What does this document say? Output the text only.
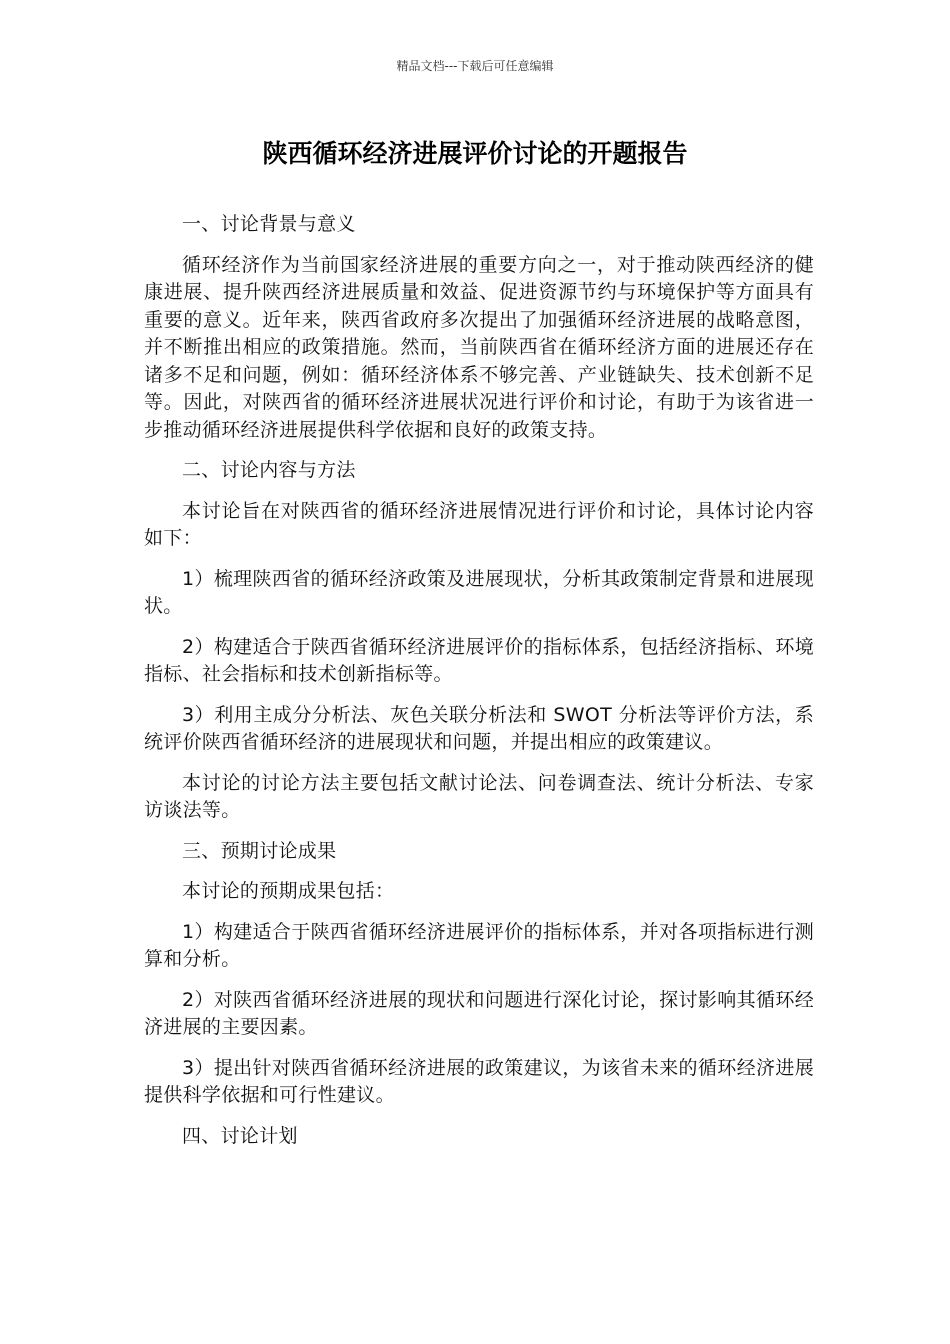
精品文档---下载后可任意编辑
陕西循环经济进展评价讨论的开题报告

一、讨论背景与意义

循环经济作为当前国家经济进展的重要方向之一，对于推动陕西经济的健康进展、提升陕西经济进展质量和效益、促进资源节约与环境保护等方面具有重要的意义。近年来，陕西省政府多次提出了加强循环经济进展的战略意图，并不断推出相应的政策措施。然而，当前陕西省在循环经济方面的进展还存在诸多不足和问题，例如：循环经济体系不够完善、产业链缺失、技术创新不足等。因此，对陕西省的循环经济进展状况进行评价和讨论，有助于为该省进一步推动循环经济进展提供科学依据和良好的政策支持。

二、讨论内容与方法

本讨论旨在对陕西省的循环经济进展情况进行评价和讨论，具体讨论内容如下：

1）梳理陕西省的循环经济政策及进展现状，分析其政策制定背景和进展现状。

2）构建适合于陕西省循环经济进展评价的指标体系，包括经济指标、环境指标、社会指标和技术创新指标等。

3）利用主成分分析法、灰色关联分析法和 SWOT 分析法等评价方法，系统评价陕西省循环经济的进展现状和问题，并提出相应的政策建议。

本讨论的讨论方法主要包括文献讨论法、问卷调查法、统计分析法、专家访谈法等。

三、预期讨论成果

本讨论的预期成果包括：

1）构建适合于陕西省循环经济进展评价的指标体系，并对各项指标进行测算和分析。

2）对陕西省循环经济进展的现状和问题进行深化讨论，探讨影响其循环经济进展的主要因素。

3）提出针对陕西省循环经济进展的政策建议，为该省未来的循环经济进展提供科学依据和可行性建议。

四、讨论计划
